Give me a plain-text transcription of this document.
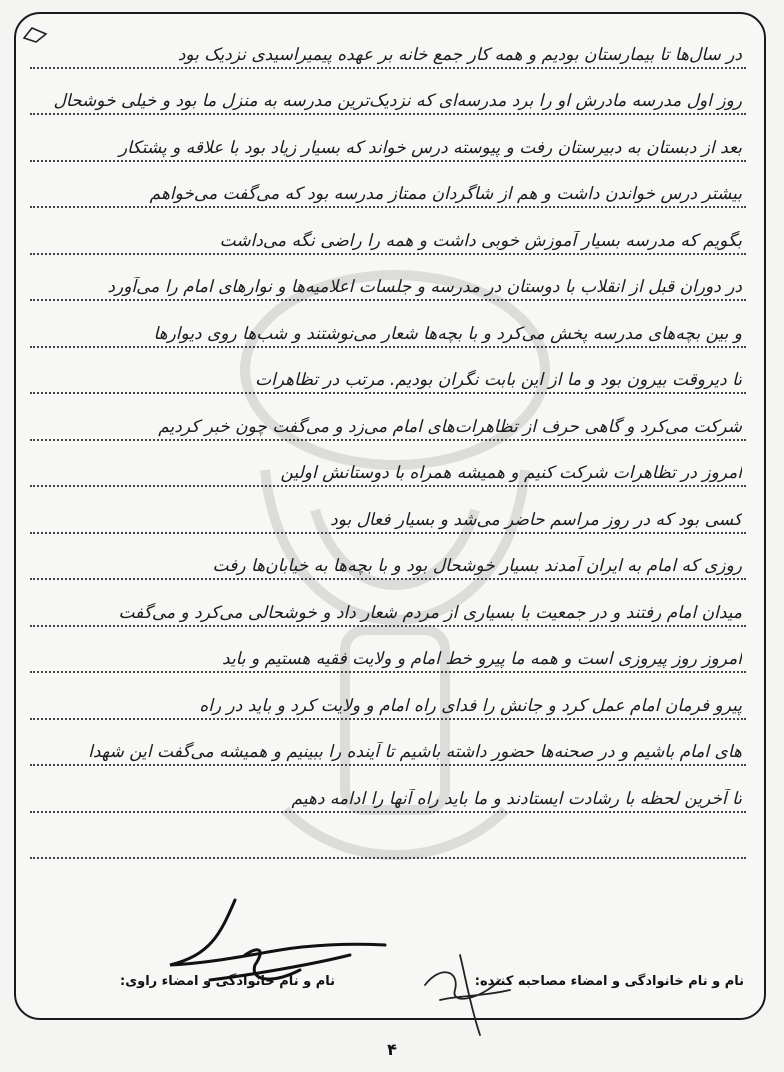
در سال‌ها تا بیمارستان بودیم و همه کار جمع خانه بر عهده پیمیراسیدی نزدیک بود
روز اول مدرسه مادرش او را برد مدرسه‌ای که نزدیک‌ترین مدرسه به منزل ما بود و خیلی خوشحال
بعد از دبستان به دبیرستان رفت و پیوسته درس خواند که بسیار زیاد بود با علاقه و پشتکار
بیشتر درس خواندن داشت و هم از شاگردان ممتاز مدرسه بود که می‌گفت می‌خواهم
بگویم که مدرسه بسیار آموزش خوبی داشت و همه را راضی نگه می‌داشت
در دوران قبل از انقلاب با دوستان در مدرسه و جلسات اعلامیه‌ها و نوارهای امام را می‌آورد
و بین بچه‌های مدرسه پخش می‌کرد و با بچه‌ها شعار می‌نوشتند و شب‌ها روی دیوارها
تا دیروقت بیرون بود و ما از این بابت نگران بودیم. مرتب در تظاهرات
شرکت می‌کرد و گاهی حرف از تظاهرات‌های امام می‌زد و می‌گفت چون خبر کردیم
امروز در تظاهرات شرکت کنیم و همیشه همراه با دوستانش اولین
کسی بود که در روز مراسم حاضر می‌شد و بسیار فعال بود
روزی که امام به ایران آمدند بسیار خوشحال بود و با بچه‌ها به خیابان‌ها رفت
میدان امام رفتند و در جمعیت با بسیاری از مردم شعار داد و خوشحالی می‌کرد و می‌گفت
امروز روز پیروزی است و همه ما پیرو خط امام و ولایت فقیه هستیم و باید
پیرو فرمان امام عمل کرد و جانش را فدای راه امام و ولایت کرد و باید در راه
های امام باشیم و در صحنه‌ها حضور داشته باشیم تا آینده را ببینیم و همیشه می‌گفت این شهدا
تا آخرین لحظه با رشادت ایستادند و ما باید راه آنها را ادامه دهیم
نام و نام خانوادگی و امضاء مصاحبه کننده:
نام و نام خانوادگی و امضاء راوی:
۴
